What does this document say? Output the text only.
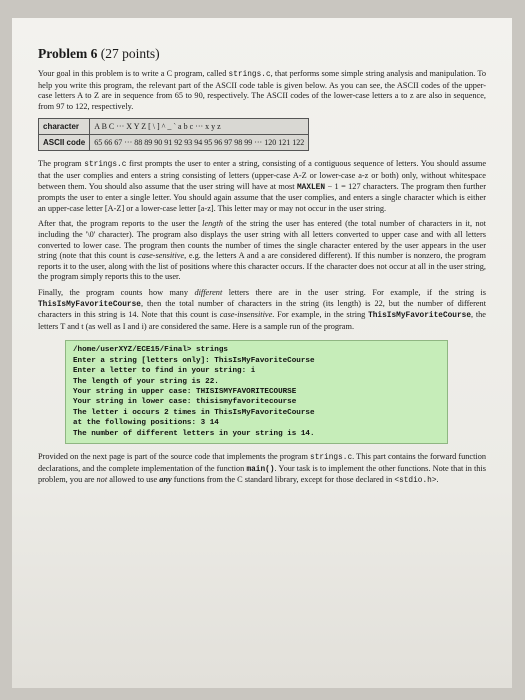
Problem 6 (27 points)

Your goal in this problem is to write a C program, called strings.c, that performs some simple string analysis and manipulation. To help you write this program, the relevant part of the ASCII code table is given below. As you can see, the ASCII codes of the upper-case letters A to Z are in sequence from 65 to 90, respectively. The ASCII codes of the lower-case letters a to z are also in sequence, from 97 to 122, respectively.

character	A B C ··· X Y Z [ \ ] ^ _ ` a b c ··· x y z
ASCII code	65 66 67 ··· 88 89 90 91 92 93 94 95 96 97 98 99 ··· 120 121 122

The program strings.c first prompts the user to enter a string, consisting of a contiguous sequence of letters. You should assume that the user complies and enters a string consisting of letters (upper-case A-Z or lower-case a-z or both) only, without whitespace between them. You should also assume that the user string will have at most MAXLEN − 1 = 127 characters. The program then further prompts the user to enter a single letter. You should again assume that the user complies, and enters a single character which is either an upper-case letter [A-Z] or a lower-case letter [a-z]. This letter may or may not occur in the user string.

After that, the program reports to the user the length of the string the user has entered (the total number of characters in it, not including the '\0' character). The program also displays the user string with all letters converted to upper case and with all letters converted to lower case. The program then counts the number of times the single character entered by the user appears in the user string (note that this count is case-sensitive, e.g. the letters A and a are considered different). If this number is nonzero, the program reports it to the user, along with the list of positions where this character occurs. If the character does not occur at all in the user string, the program simply reports this to the user.

Finally, the program counts how many different letters there are in the user string. For example, if the string is ThisIsMyFavoriteCourse, then the total number of characters in the string (its length) is 22, but the number of different characters in this string is 14. Note that this count is case-insensitive. For example, in the string ThisIsMyFavoriteCourse, the letters T and t (as well as I and i) are considered the same. Here is a sample run of the program.

/home/userXYZ/ECE15/Final> strings
Enter a string [letters only]: ThisIsMyFavoriteCourse
Enter a letter to find in your string: i
The length of your string is 22.
Your string in upper case: THISISMYFAVORITECOURSE
Your string in lower case: thisismyfavoritecourse
The letter i occurs 2 times in ThisIsMyFavoriteCourse
at the following positions: 3 14
The number of different letters in your string is 14.

Provided on the next page is part of the source code that implements the program strings.c. This part contains the forward function declarations, and the complete implementation of the function main(). Your task is to implement the other functions. Note that in this problem, you are not allowed to use any functions from the C standard library, except for those declared in <stdio.h>.
